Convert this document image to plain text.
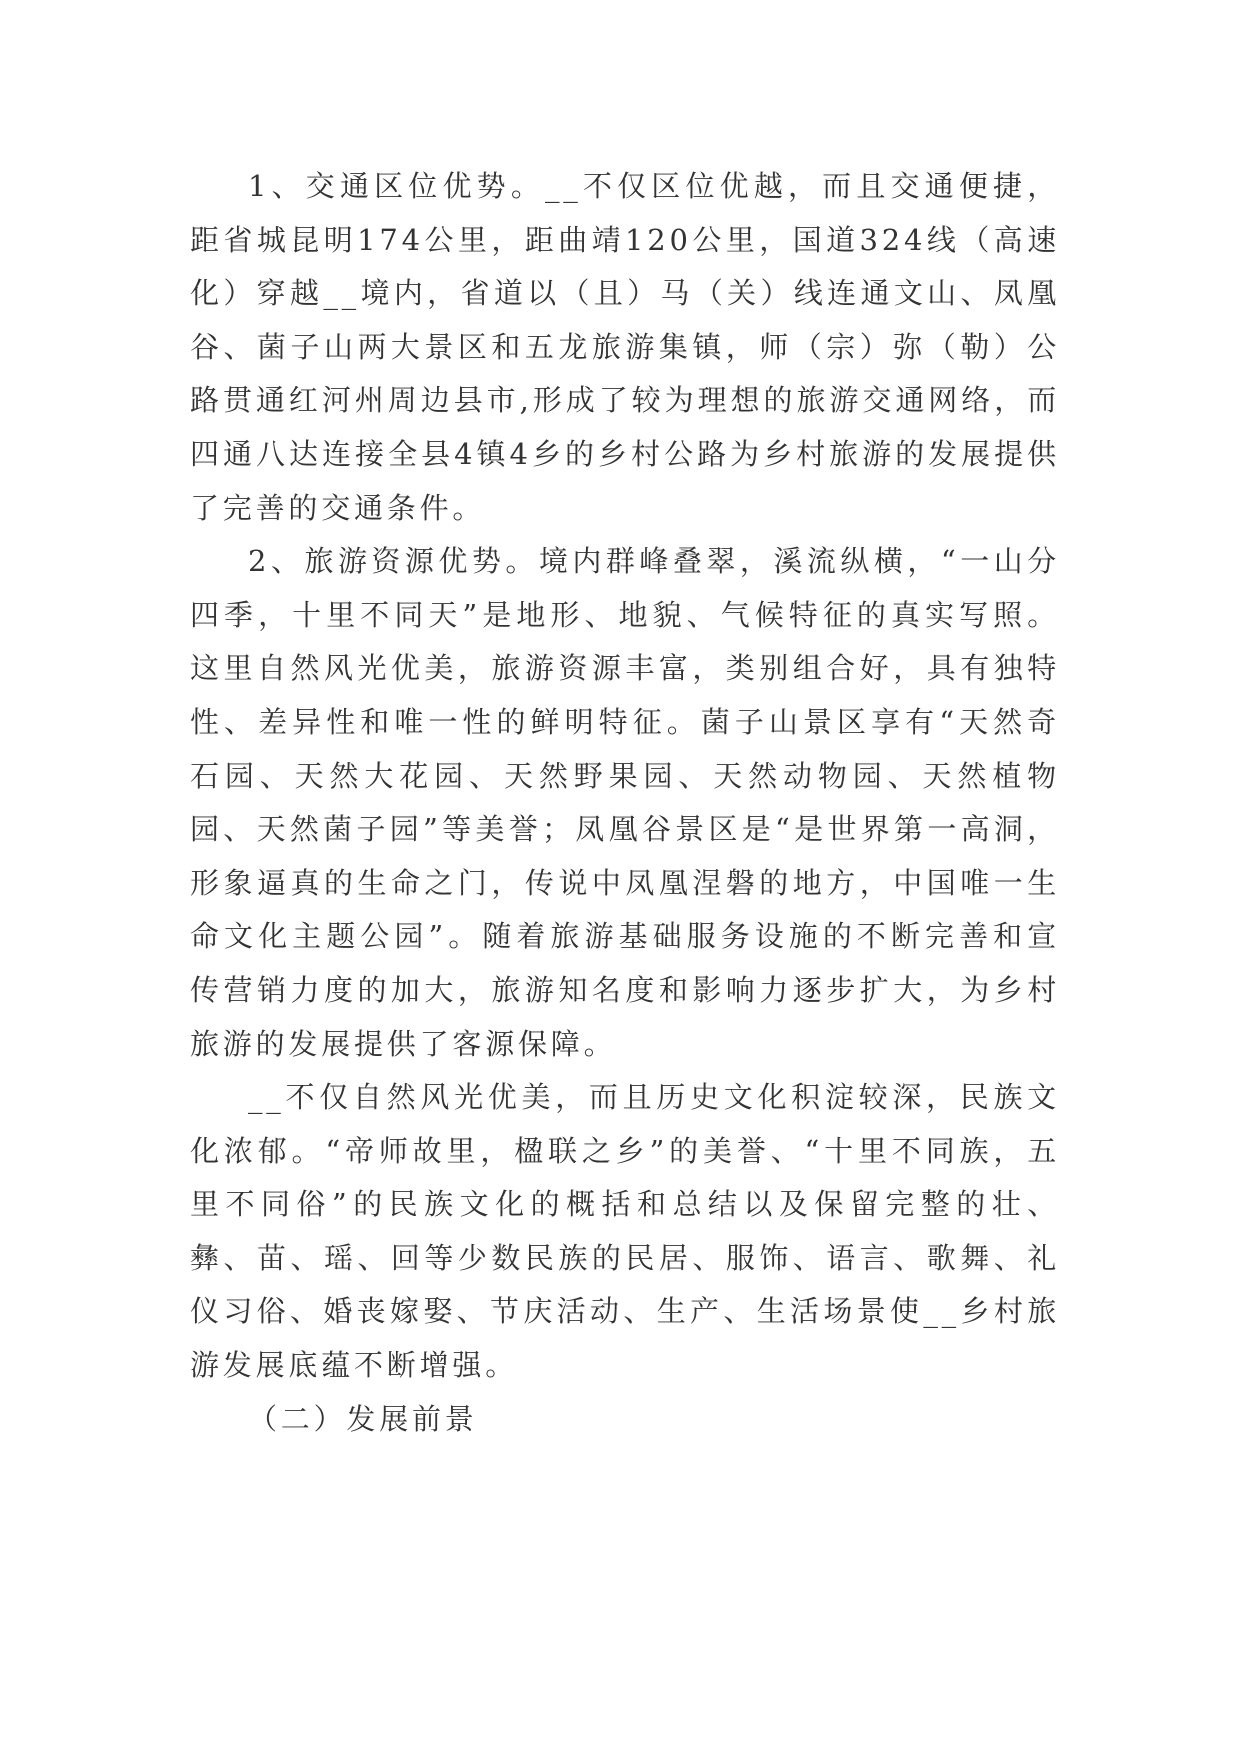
1、交通区位优势。__不仅区位优越，而且交通便捷，距省城昆明174公里，距曲靖120公里，国道324线（高速化）穿越__境内，省道以（且）马（关）线连通文山、凤凰谷、菌子山两大景区和五龙旅游集镇，师（宗）弥（勒）公路贯通红河州周边县市,形成了较为理想的旅游交通网络，而四通八达连接全县4镇4乡的乡村公路为乡村旅游的发展提供了完善的交通条件。

2、旅游资源优势。境内群峰叠翠，溪流纵横，“一山分四季，十里不同天”是地形、地貌、气候特征的真实写照。这里自然风光优美，旅游资源丰富，类别组合好，具有独特性、差异性和唯一性的鲜明特征。菌子山景区享有“天然奇石园、天然大花园、天然野果园、天然动物园、天然植物园、天然菌子园”等美誉；凤凰谷景区是“是世界第一高洞，形象逼真的生命之门，传说中凤凰涅磐的地方，中国唯一生命文化主题公园”。随着旅游基础服务设施的不断完善和宣传营销力度的加大，旅游知名度和影响力逐步扩大，为乡村旅游的发展提供了客源保障。

__不仅自然风光优美，而且历史文化积淀较深，民族文化浓郁。“帝师故里，楹联之乡”的美誉、“十里不同族，五里不同俗”的民族文化的概括和总结以及保留完整的壮、彝、苗、瑶、回等少数民族的民居、服饰、语言、歌舞、礼仪习俗、婚丧嫁娶、节庆活动、生产、生活场景使__乡村旅游发展底蕴不断增强。

（二）发展前景
